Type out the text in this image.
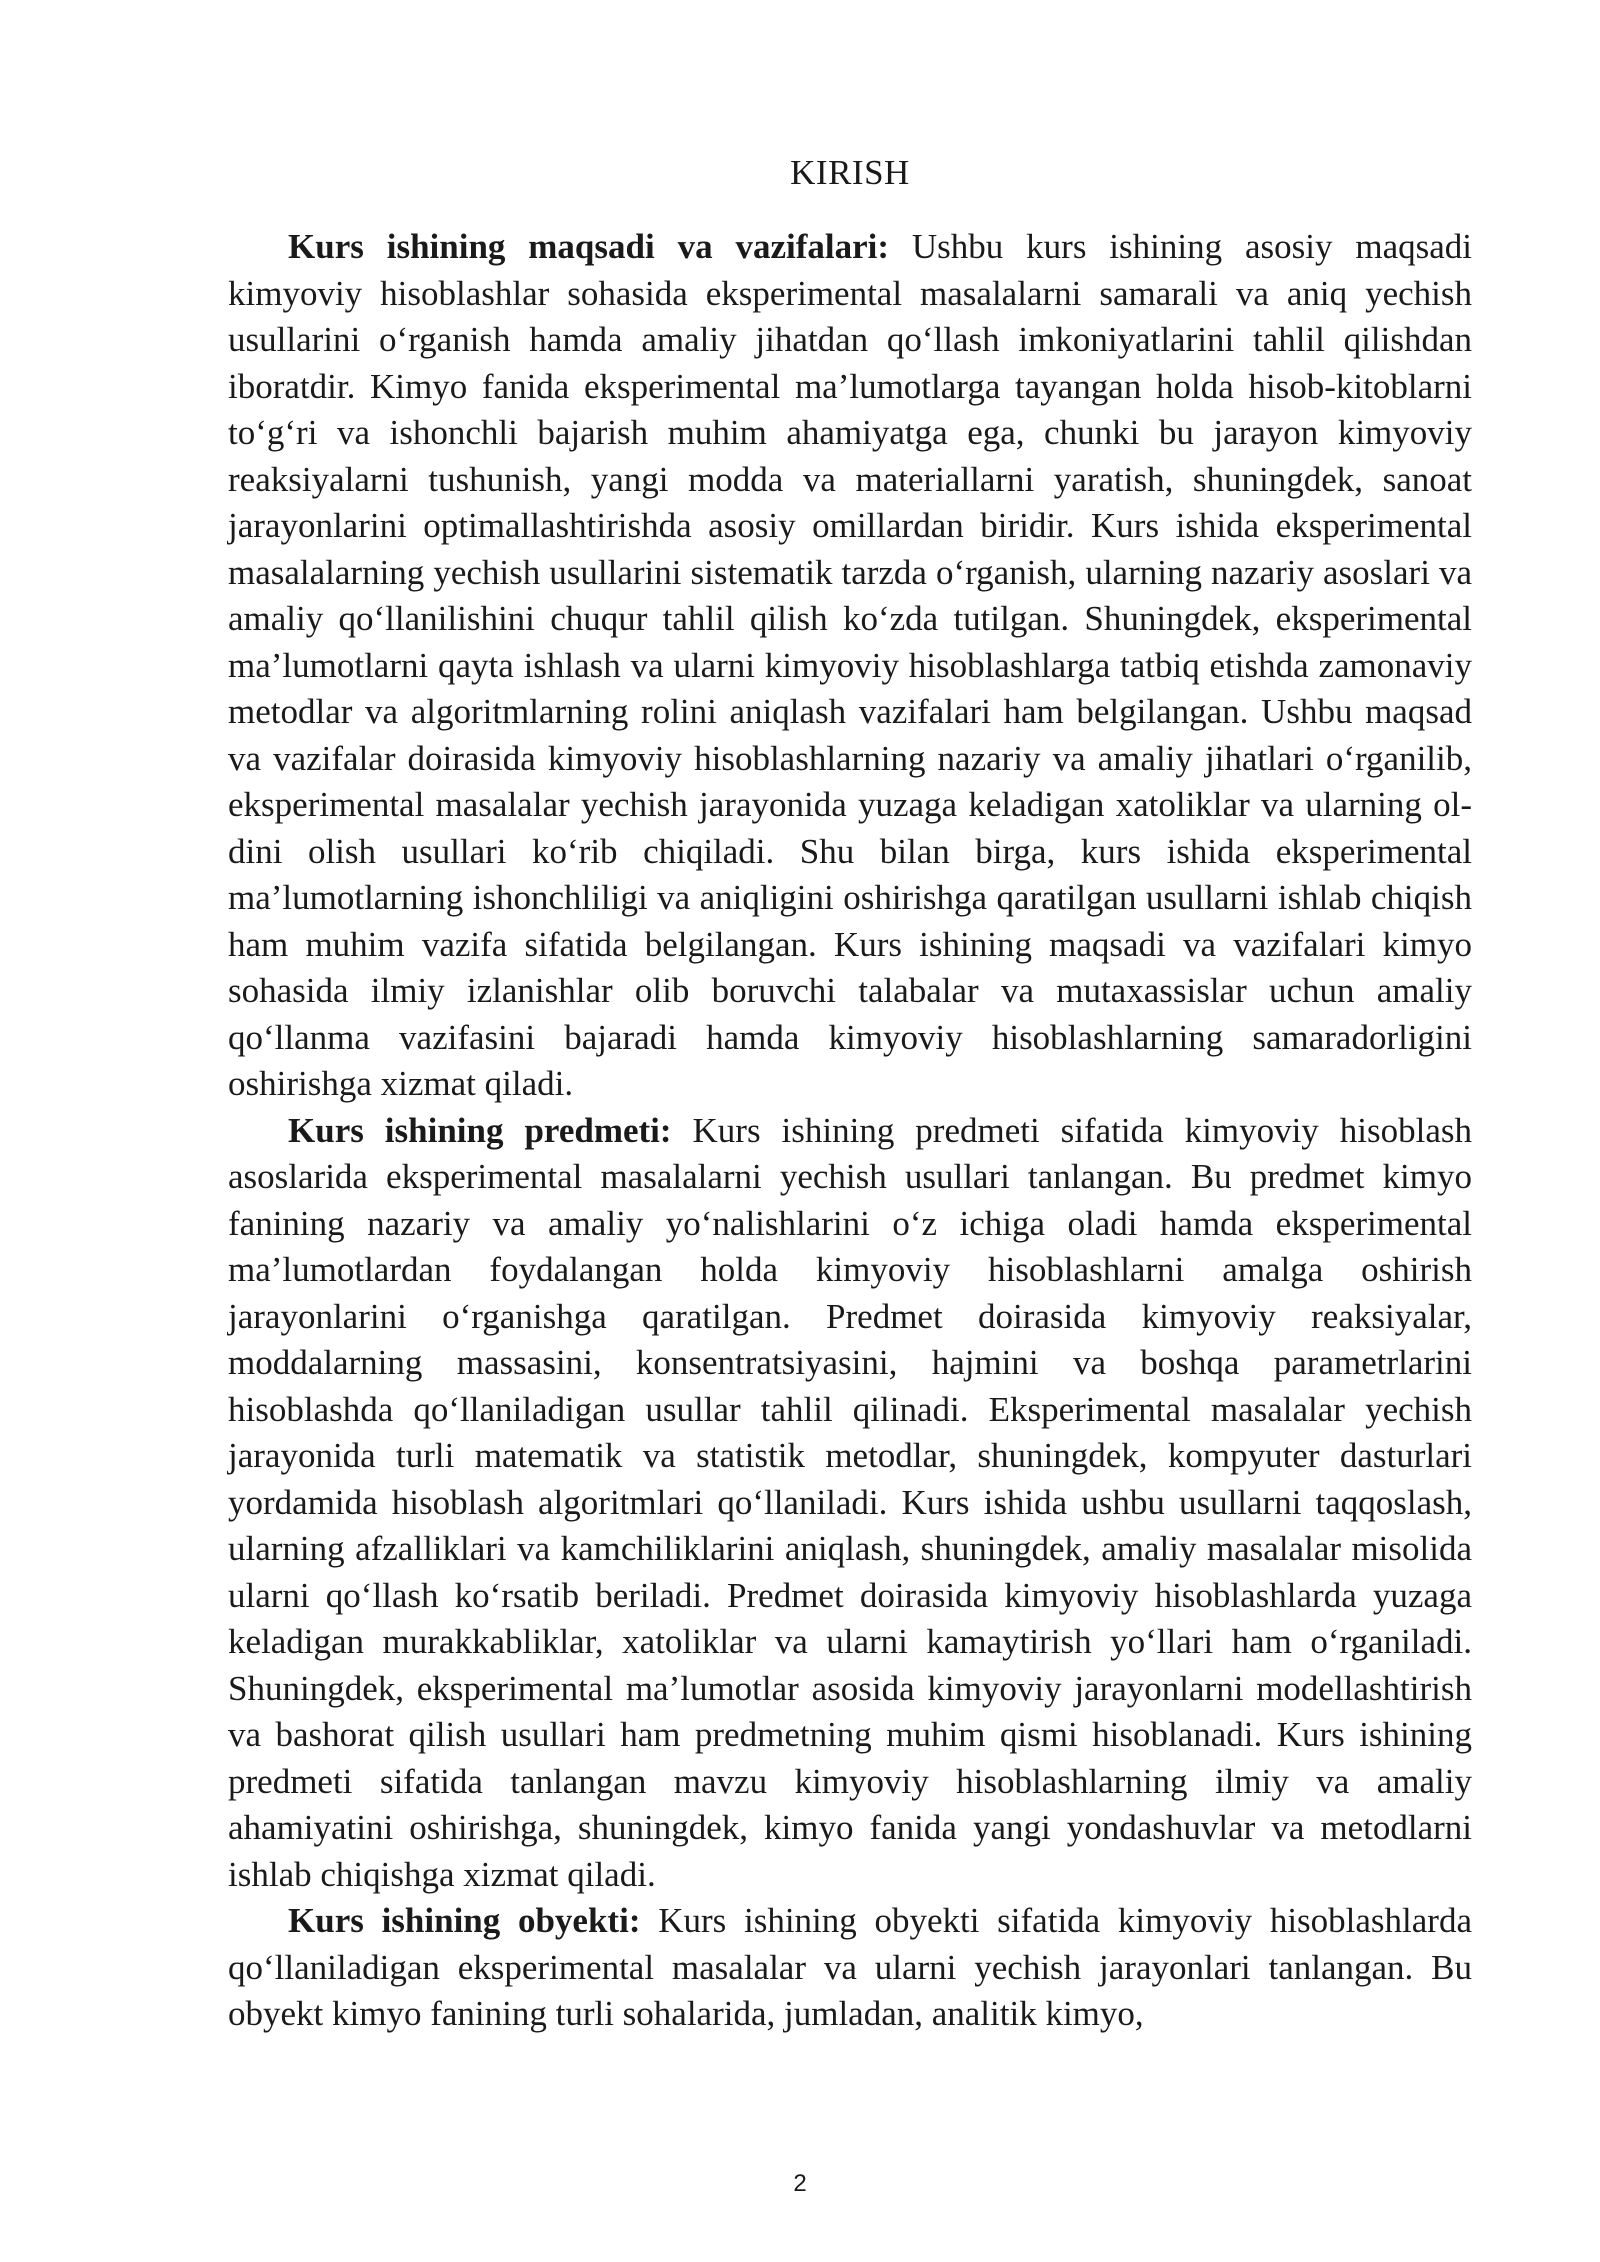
KIRISH

Kurs ishining maqsadi va vazifalari: Ushbu kurs ishining asosiy maqsadi kimyoviy hisoblashlar sohasida eksperimental masalalarni samarali va aniq yechish usullarini o‘rganish hamda amaliy jihatdan qo‘llash imkoniyatlarini tahlil qilishdan iboratdir. Kimyo fanida eksperimental ma’lumotlarga tayangan holda hisob-kitoblarni to‘g‘ri va ishonchli bajarish muhim ahamiyatga ega, chunki bu jarayon kimyoviy reaksiyalarni tushunish, yangi modda va materiallarni yaratish, shuningdek, sanoat jarayonlarini optimallashtirishda asosiy omillardan biridir. Kurs ishida eksperimental masalalarning yechish usullarini sistematik tarzda o‘rganish, ularning nazariy asoslari va amaliy qo‘llanilishini chuqur tahlil qilish ko‘zda tutilgan. Shuningdek, eksperimental ma’lumotlarni qayta ishlash va ularni kimyoviy hisoblashlarga tatbiq etishda zamonaviy metodlar va algoritmlarning rolini aniqlash vazifalari ham belgilangan. Ushbu maqsad va vazifalar doirasida kimyoviy hisoblashlarning nazariy va amaliy jihatlari o‘rganilib, eksperimental masalalar yechish jarayonida yuzaga keladigan xatoliklar va ularning oldini olish usullari ko‘rib chiqiladi. Shu bilan birga, kurs ishida eksperimental ma’lumotlarning ishonchliligi va aniqligini oshirishga qaratilgan usullarni ishlab chiqish ham muhim vazifa sifatida belgilangan. Kurs ishining maqsadi va vazifalari kimyo sohasida ilmiy izlanishlar olib boruvchi talabalar va mutaxassislar uchun amaliy qo‘llanma vazifasini bajaradi hamda kimyoviy hisoblashlarning samaradorligini oshirishga xizmat qiladi.

Kurs ishining predmeti: Kurs ishining predmeti sifatida kimyoviy hisoblash asoslarida eksperimental masalalarni yechish usullari tanlangan. Bu predmet kimyo fanining nazariy va amaliy yo‘nalishlarini o‘z ichiga oladi hamda eksperimental ma’lumotlardan foydalangan holda kimyoviy hisoblashlarni amalga oshirish jarayonlarini o‘rganishga qaratilgan. Predmet doirasida kimyoviy reaksiyalar, moddalarning massasini, konsentratsiyasini, hajmini va boshqa parametrlarini hisoblashda qo‘llaniladigan usullar tahlil qilinadi. Eksperimental masalalar yechish jarayonida turli matematik va statistik metodlar, shuningdek, kompyuter dasturlari yordamida hisoblash algoritmlari qo‘llaniladi. Kurs ishida ushbu usullarni taqqoslash, ularning afzalliklari va kamchiliklarini aniqlash, shuningdek, amaliy masalalar misolida ularni qo‘llash ko‘rsatib beriladi. Predmet doirasida kimyoviy hisoblashlarda yuzaga keladigan murakkabliklar, xatoliklar va ularni kamaytirish yo‘llari ham o‘rganiladi. Shuningdek, eksperimental ma’lumotlar asosida kimyoviy jarayonlarni modellashtirish va bashorat qilish usullari ham predmetning muhim qismi hisoblanadi. Kurs ishining predmeti sifatida tanlangan mavzu kimyoviy hisoblashlarning ilmiy va amaliy ahamiyatini oshirishga, shuningdek, kimyo fanida yangi yondashuvlar va metodlarni ishlab chiqishga xizmat qiladi.

Kurs ishining obyekti: Kurs ishining obyekti sifatida kimyoviy hisoblashlarda qo‘llaniladigan eksperimental masalalar va ularni yechish jarayonlari tanlangan. Bu obyekt kimyo fanining turli sohalarida, jumladan, analitik kimyo,

2
